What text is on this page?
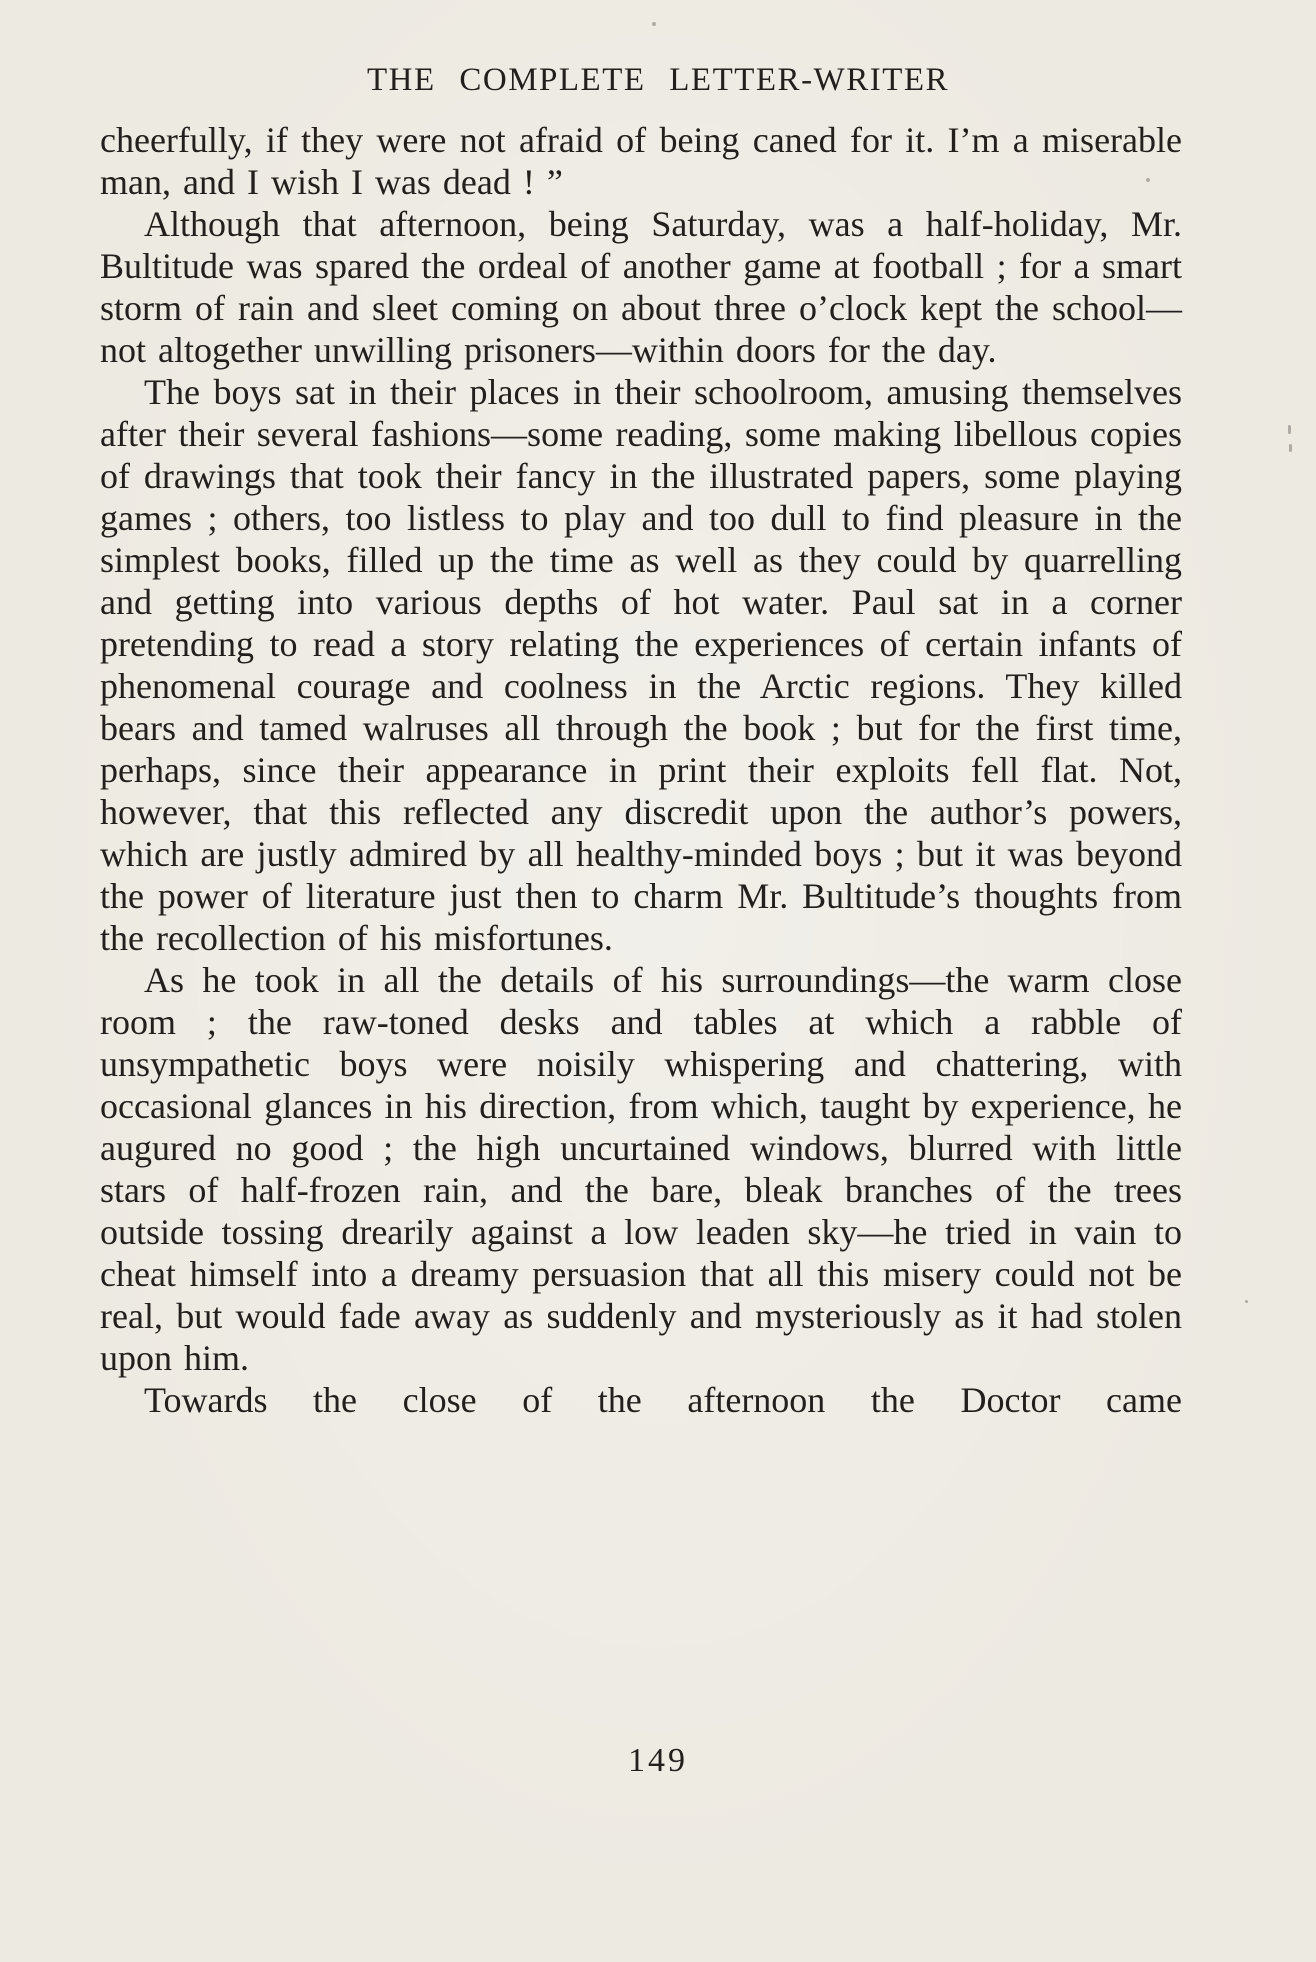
THE COMPLETE LETTER-WRITER

cheerfully, if they were not afraid of being caned for it. I’m a miserable man, and I wish I was dead ! ”

Although that afternoon, being Saturday, was a half-holiday, Mr. Bultitude was spared the ordeal of another game at football ; for a smart storm of rain and sleet coming on about three o’clock kept the school—not altogether unwilling prisoners—within doors for the day.

The boys sat in their places in their schoolroom, amusing themselves after their several fashions—some reading, some making libellous copies of drawings that took their fancy in the illustrated papers, some playing games ; others, too listless to play and too dull to find pleasure in the simplest books, filled up the time as well as they could by quarrelling and getting into various depths of hot water. Paul sat in a corner pretending to read a story relating the experiences of certain infants of phenomenal courage and coolness in the Arctic regions. They killed bears and tamed walruses all through the book ; but for the first time, perhaps, since their appearance in print their exploits fell flat. Not, however, that this reflected any discredit upon the author’s powers, which are justly admired by all healthy-minded boys ; but it was beyond the power of literature just then to charm Mr. Bultitude’s thoughts from the recollection of his misfortunes.

As he took in all the details of his surroundings—the warm close room ; the raw-toned desks and tables at which a rabble of unsympathetic boys were noisily whispering and chattering, with occasional glances in his direction, from which, taught by experience, he augured no good ; the high uncurtained windows, blurred with little stars of half-frozen rain, and the bare, bleak branches of the trees outside tossing drearily against a low leaden sky—he tried in vain to cheat himself into a dreamy persuasion that all this misery could not be real, but would fade away as suddenly and mysteriously as it had stolen upon him.

Towards the close of the afternoon the Doctor came

149
